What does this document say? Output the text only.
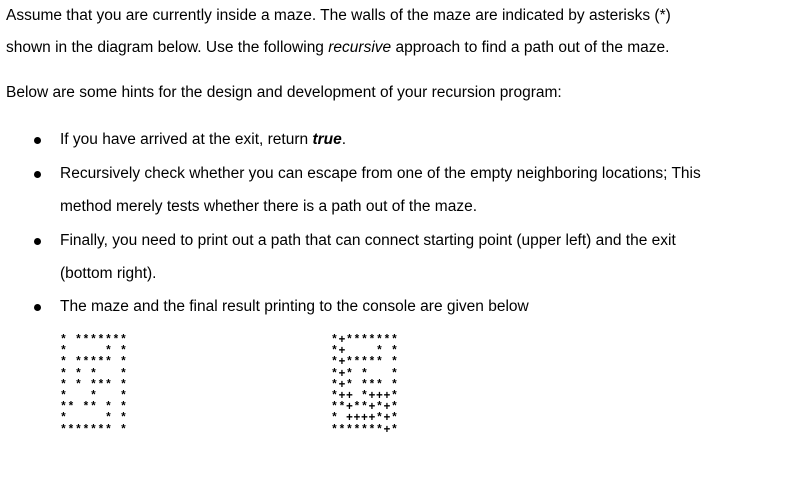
Assume that you are currently inside a maze. The walls of the maze are indicated by asterisks (*)

shown in the diagram below. Use the following recursive approach to find a path out of the maze.

Below are some hints for the design and development of your recursion program:

If you have arrived at the exit, return true.

Recursively check whether you can escape from one of the empty neighboring locations; This

method merely tests whether there is a path out of the maze.

Finally, you need to print out a path that can connect starting point (upper left) and the exit

(bottom right).

The maze and the final result printing to the console are given below

* *******
*     * *
* ***** *
* * *   *
* * *** *
*   *   *
** ** * *
*     * *
******* *
*+*******
*+    * *
*+***** *
*+* *   *
*+* *** *
*++ *+++*
**+**+*+*
* ++++*+*
*******+*
